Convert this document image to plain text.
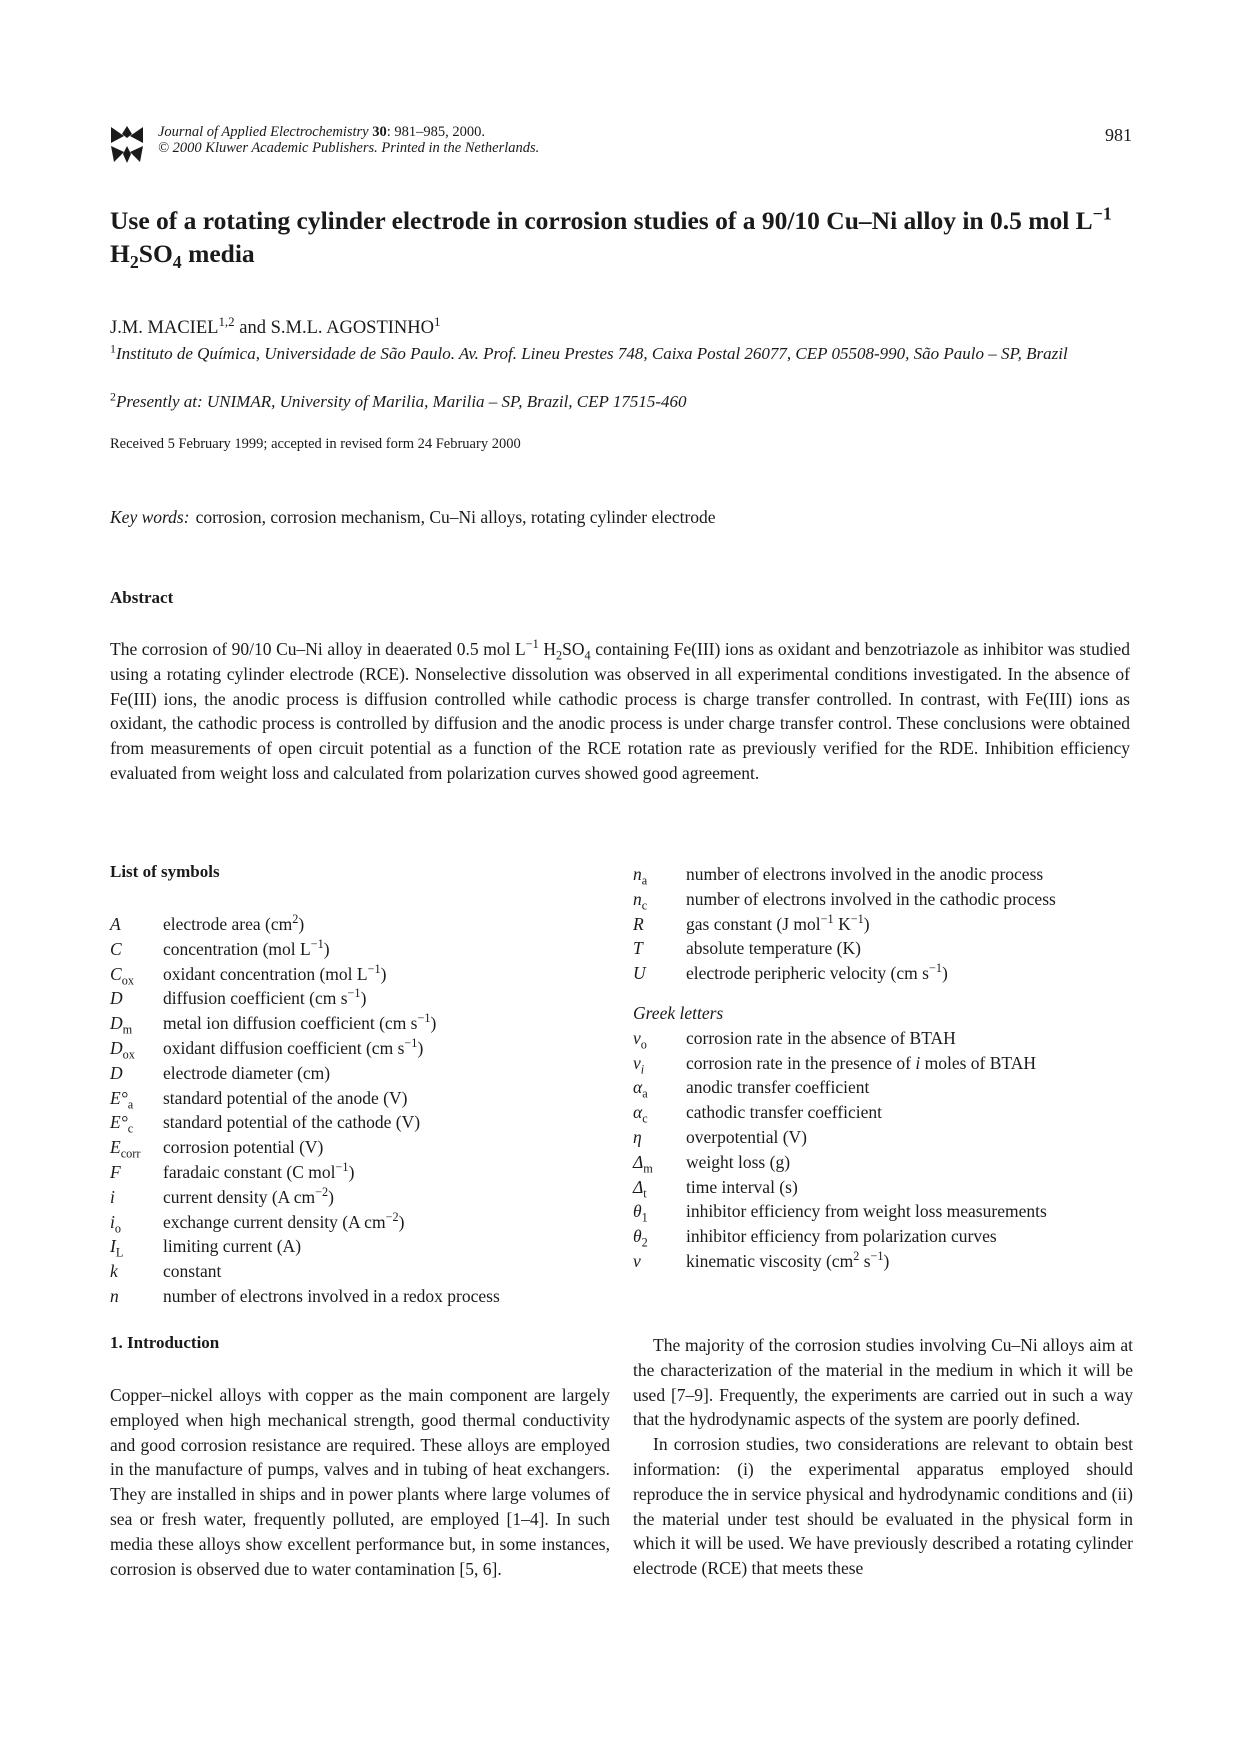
Journal of Applied Electrochemistry 30: 981–985, 2000.
© 2000 Kluwer Academic Publishers. Printed in the Netherlands.
981
Use of a rotating cylinder electrode in corrosion studies of a 90/10 Cu–Ni alloy in 0.5 mol $L^{-1}$ $H_2SO_4$ media
J.M. MACIEL$^{1,2}$ and S.M.L. AGOSTINHO$^1$
$^1$Instituto de Química, Universidade de São Paulo. Av. Prof. Lineu Prestes 748, Caixa Postal 26077, CEP 05508-990, São Paulo – SP, Brazil
$^2$Presently at: UNIMAR, University of Marilia, Marilia – SP, Brazil, CEP 17515-460
Received 5 February 1999; accepted in revised form 24 February 2000
Key words: corrosion, corrosion mechanism, Cu–Ni alloys, rotating cylinder electrode
Abstract

The corrosion of 90/10 Cu–Ni alloy in deaerated 0.5 mol $L^{-1}$ $H_2SO_4$ containing Fe(III) ions as oxidant and benzotriazole as inhibitor was studied using a rotating cylinder electrode (RCE). Nonselective dissolution was observed in all experimental conditions investigated. In the absence of Fe(III) ions, the anodic process is diffusion controlled while cathodic process is charge transfer controlled. In contrast, with Fe(III) ions as oxidant, the cathodic process is controlled by diffusion and the anodic process is under charge transfer control. These conclusions were obtained from measurements of open circuit potential as a function of the RCE rotation rate as previously verified for the RDE. Inhibition efficiency evaluated from weight loss and calculated from polarization curves showed good agreement.

List of symbols
A	electrode area $(cm^2)$
C	concentration (mol $L^{-1}$)
$C_{ox}$	oxidant concentration (mol $L^{-1}$)
D	diffusion coefficient (cm $s^{-1}$)
$D_m$	metal ion diffusion coefficient (cm $s^{-1}$)
$D_{ox}$	oxidant diffusion coefficient (cm $s^{-1}$)
D	electrode diameter (cm)
$E^\circ_a$	standard potential of the anode (V)
$E^\circ_c$	standard potential of the cathode (V)
$E_{corr}$	corrosion potential (V)
F	faradaic constant (C mol$^{-1}$)
i	current density (A $cm^{-2}$)
$i_o$	exchange current density (A $cm^{-2}$)
$I_L$	limiting current (A)
k	constant
n	number of electrons involved in a redox process
$n_a$	number of electrons involved in the anodic process
$n_c$	number of electrons involved in the cathodic process
R	gas constant (J mol$^{-1}$ $K^{-1}$)
T	absolute temperature (K)
U	electrode peripheric velocity (cm $s^{-1}$)
Greek letters
$v_o$	corrosion rate in the absence of BTAH
$v_i$	corrosion rate in the presence of i moles of BTAH
$\alpha_a$	anodic transfer coefficient
$\alpha_c$	cathodic transfer coefficient
η	overpotential (V)
$\Delta_m$	weight loss (g)
$\Delta_t$	time interval (s)
$\theta_1$	inhibitor efficiency from weight loss measurements
$\theta_2$	inhibitor efficiency from polarization curves
v	kinematic viscosity ($cm^2$ $s^{-1}$)
1. Introduction

Copper–nickel alloys with copper as the main component are largely employed when high mechanical strength, good thermal conductivity and good corrosion resistance are required. These alloys are employed in the manufacture of pumps, valves and in tubing of heat exchangers. They are installed in ships and in power plants where large volumes of sea or fresh water, frequently polluted, are employed [1–4]. In such media these alloys show excellent performance but, in some instances, corrosion is observed due to water contamination [5, 6].

The majority of the corrosion studies involving Cu–Ni alloys aim at the characterization of the material in the medium in which it will be used [7–9]. Frequently, the experiments are carried out in such a way that the hydrodynamic aspects of the system are poorly defined.

In corrosion studies, two considerations are relevant to obtain best information: (i) the experimental apparatus employed should reproduce the in service physical and hydrodynamic conditions and (ii) the material under test should be evaluated in the physical form in which it will be used. We have previously described a rotating cylinder electrode (RCE) that meets these
